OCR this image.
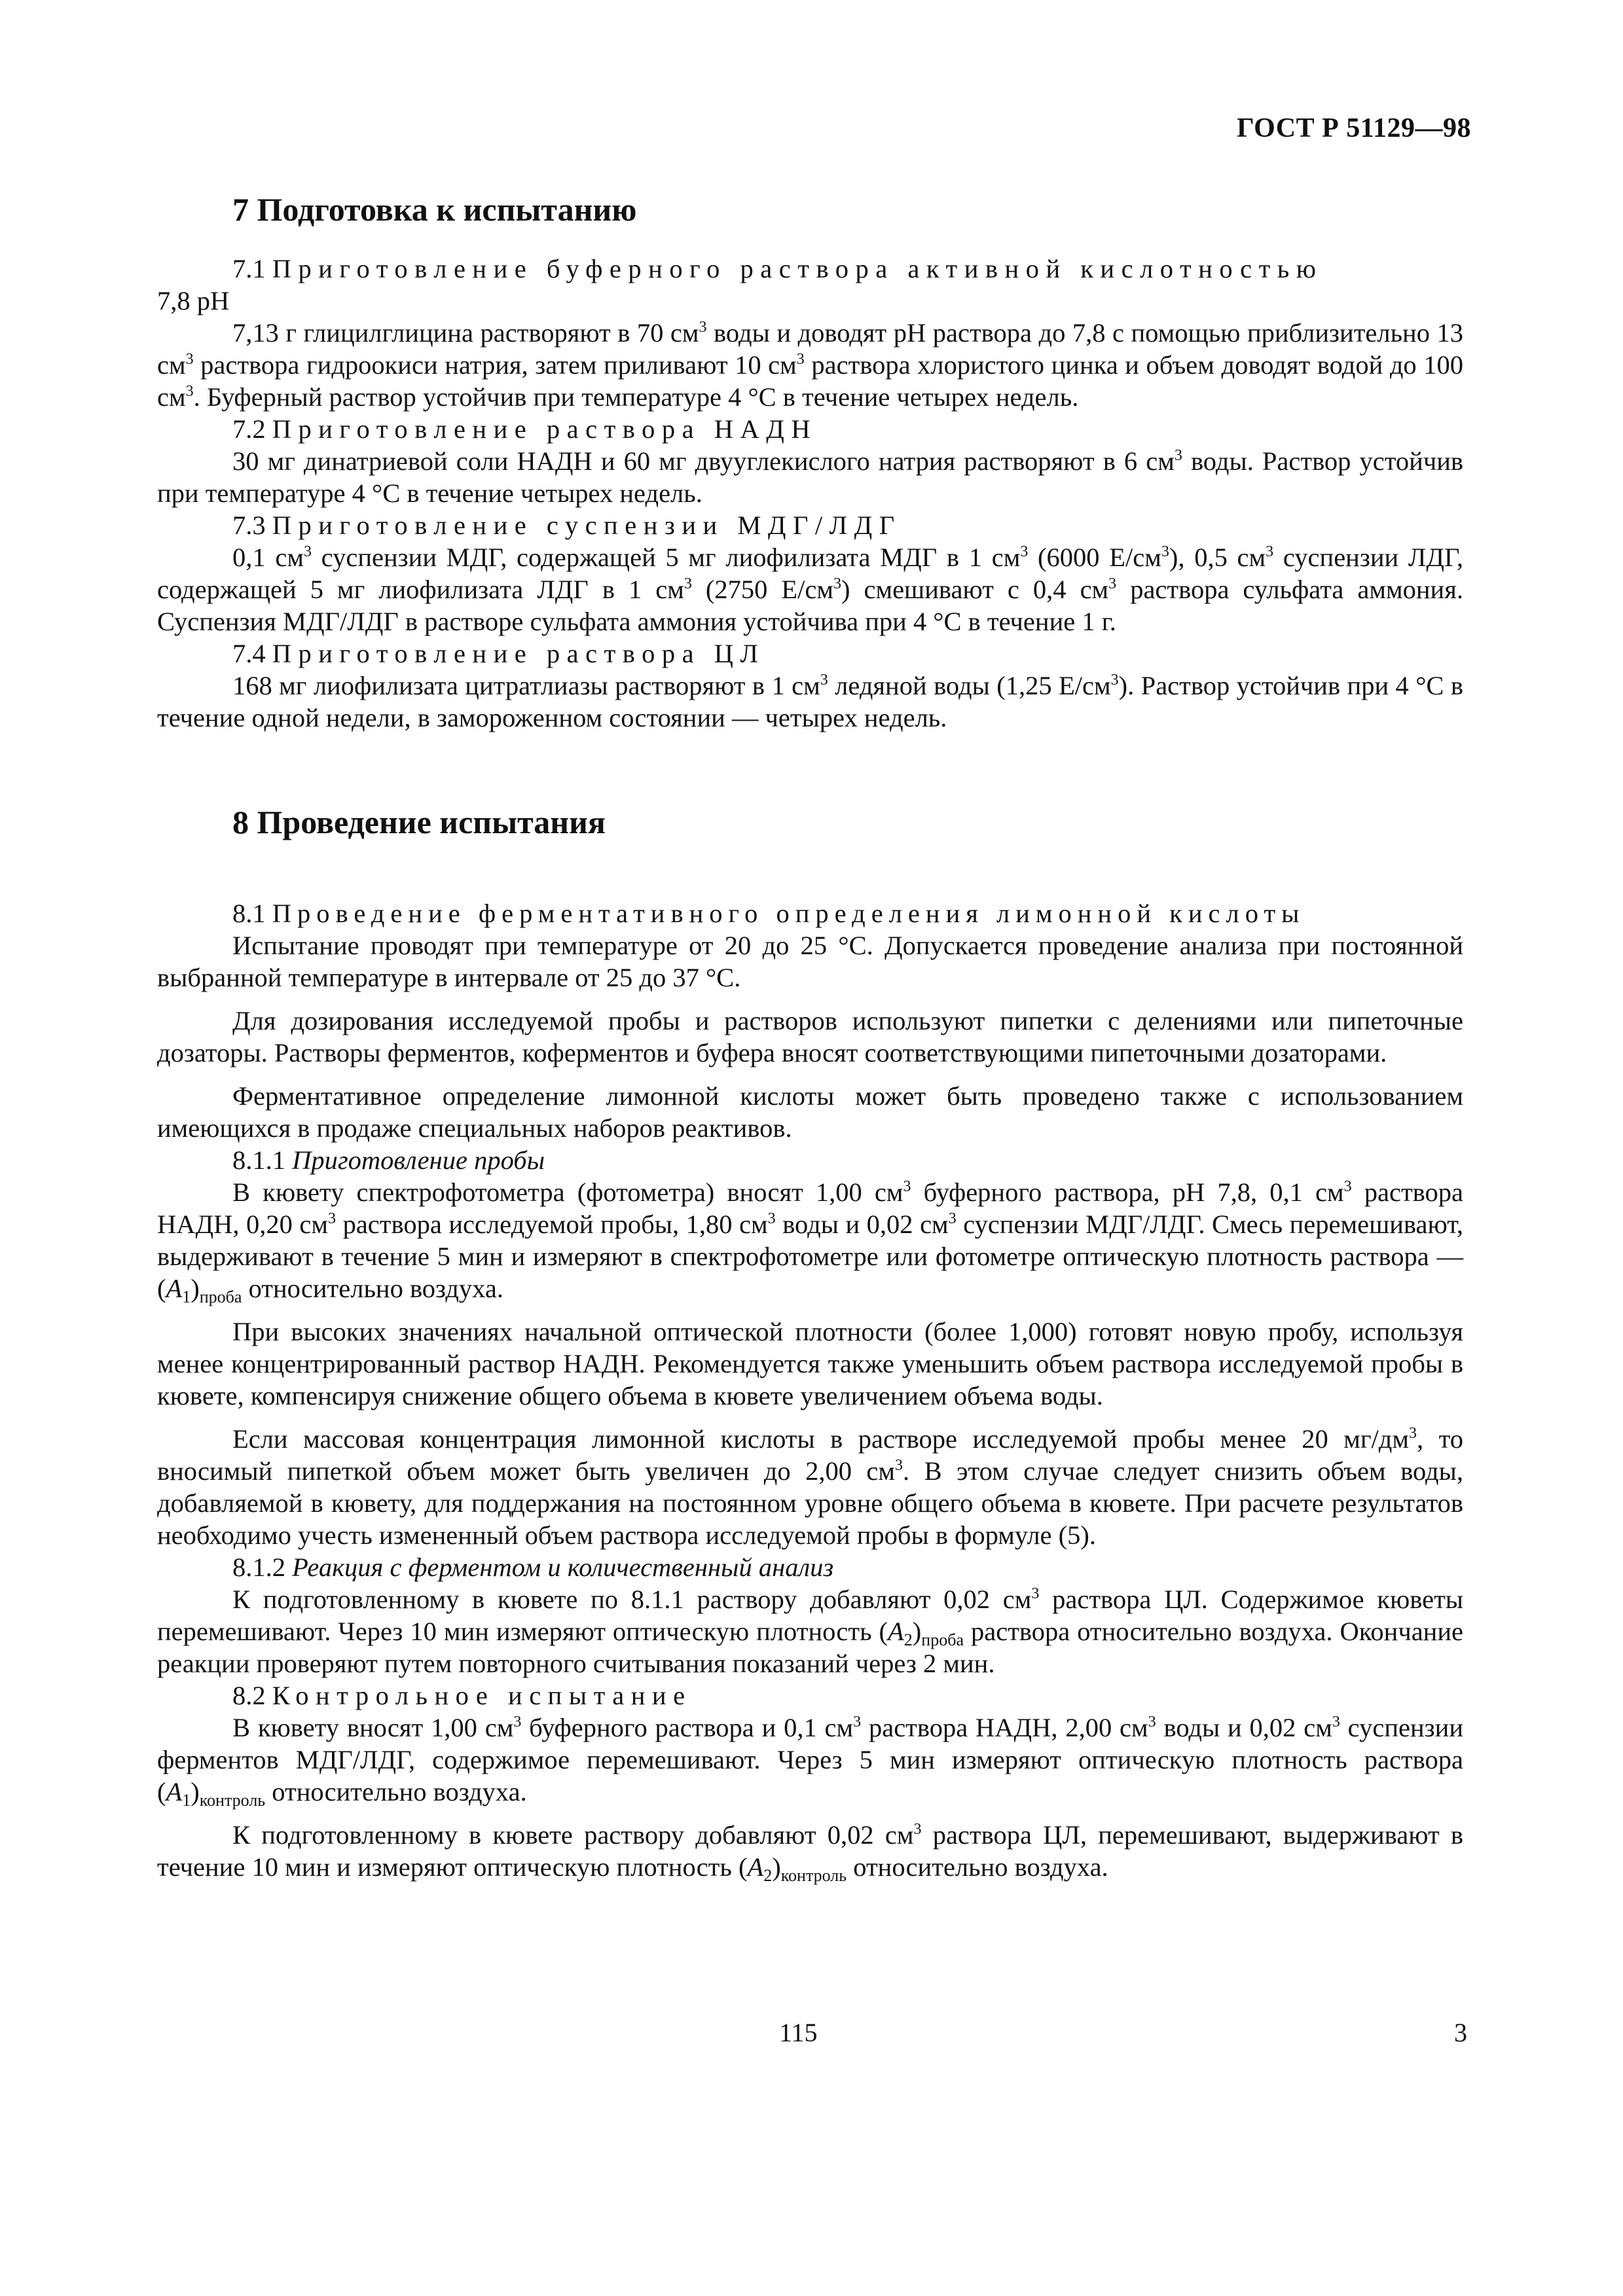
ГОСТ Р 51129—98
7 Подготовка к испытанию
7.1 Приготовление буферного раствора активной кислотностью

7,8 pH

7,13 г глицилглицина растворяют в 70 $см^3$ воды и доводят pH раствора до 7,8 с помощью приблизительно 13 $см^3$ раствора гидроокиси натрия, затем приливают 10 $см^3$ раствора хлористого цинка и объем доводят водой до 100 $см^3$. Буферный раствор устойчив при температуре 4 °С в течение четырех недель.

7.2 Приготовление раствора НАДН

30 мг динатриевой соли НАДН и 60 мг двууглекислого натрия растворяют в 6 $см^3$ воды. Раствор устойчив при температуре 4 °С в течение четырех недель.

7.3 Приготовление суспензии МДГ/ЛДГ

0,1 $см^3$ суспензии МДГ, содержащей 5 мг лиофилизата МДГ в 1 $см^3$ (6000 $Е/см^3$), 0,5 $см^3$ суспензии ЛДГ, содержащей 5 мг лиофилизата ЛДГ в 1 $см^3$ (2750 $Е/см^3$) смешивают с 0,4 $см^3$ раствора сульфата аммония. Суспензия МДГ/ЛДГ в растворе сульфата аммония устойчива при 4 °С в течение 1 г.

7.4 Приготовление раствора ЦЛ

168 мг лиофилизата цитратлиазы растворяют в 1 $см^3$ ледяной воды (1,25 $Е/см^3$). Раствор устойчив при 4 °С в течение одной недели, в замороженном состоянии — четырех недель.

8 Проведение испытания
8.1 Проведение ферментативного определения лимонной кислоты

Испытание проводят при температуре от 20 до 25 °С. Допускается проведение анализа при постоянной выбранной температуре в интервале от 25 до 37 °С.

Для дозирования исследуемой пробы и растворов используют пипетки с делениями или пипеточные дозаторы. Растворы ферментов, коферментов и буфера вносят соответствующими пипеточными дозаторами.

Ферментативное определение лимонной кислоты может быть проведено также с использованием имеющихся в продаже специальных наборов реактивов.

8.1.1 Приготовление пробы

В кювету спектрофотометра (фотометра) вносят 1,00 $см^3$ буферного раствора, pH 7,8, 0,1 $см^3$ раствора НАДН, 0,20 $см^3$ раствора исследуемой пробы, 1,80 $см^3$ воды и 0,02 $см^3$ суспензии МДГ/ЛДГ. Смесь перемешивают, выдерживают в течение 5 мин и измеряют в спектрофотометре или фотометре оптическую плотность раствора — $(A_1)_{проба}$ относительно воздуха.

При высоких значениях начальной оптической плотности (более 1,000) готовят новую пробу, используя менее концентрированный раствор НАДН. Рекомендуется также уменьшить объем раствора исследуемой пробы в кювете, компенсируя снижение общего объема в кювете увеличением объема воды.

Если массовая концентрация лимонной кислоты в растворе исследуемой пробы менее 20 $мг/дм^3$, то вносимый пипеткой объем может быть увеличен до 2,00 $см^3$. В этом случае следует снизить объем воды, добавляемой в кювету, для поддержания на постоянном уровне общего объема в кювете. При расчете результатов необходимо учесть измененный объем раствора исследуемой пробы в формуле (5).

8.1.2 Реакция с ферментом и количественный анализ

К подготовленному в кювете по 8.1.1 раствору добавляют 0,02 $см^3$ раствора ЦЛ. Содержимое кюветы перемешивают. Через 10 мин измеряют оптическую плотность $(A_2)_{проба}$ раствора относительно воздуха. Окончание реакции проверяют путем повторного считывания показаний через 2 мин.

8.2 Контрольное испытание

В кювету вносят 1,00 $см^3$ буферного раствора и 0,1 $см^3$ раствора НАДН, 2,00 $см^3$ воды и 0,02 $см^3$ суспензии ферментов МДГ/ЛДГ, содержимое перемешивают. Через 5 мин измеряют оптическую плотность раствора $(A_1)_{контроль}$ относительно воздуха.

К подготовленному в кювете раствору добавляют 0,02 $см^3$ раствора ЦЛ, перемешивают, выдерживают в течение 10 мин и измеряют оптическую плотность $(A_2)_{контроль}$ относительно воздуха.

115	3
